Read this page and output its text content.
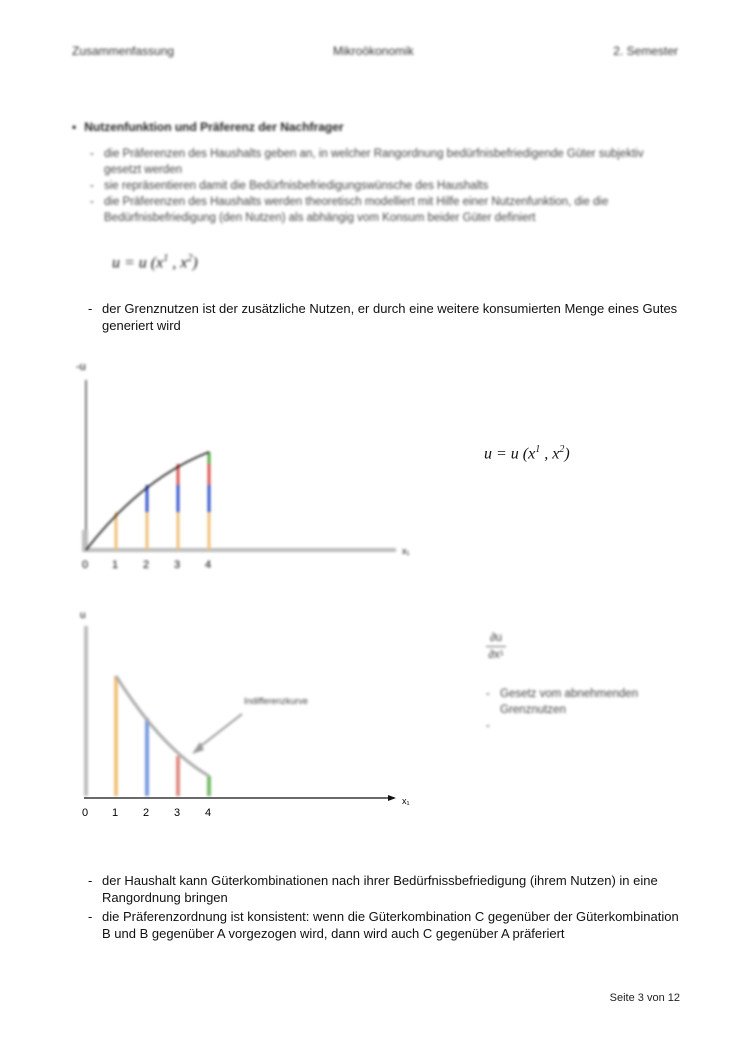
Zusammenfassung	Mikroökonomik	2. Semester
• Nutzenfunktion und Präferenz der Nachfrager
- die Präferenzen des Haushalts geben an, in welcher Rangordnung bedürfnisbefriedigende Güter subjektiv gesetzt werden
- sie repräsentieren damit die Bedürfnisbefriedigungswünsche des Haushalts
- die Präferenzen des Haushalts werden theoretisch modelliert mit Hilfe einer Nutzenfunktion, die die Bedürfnisbefriedigung (den Nutzen) als abhängig vom Konsum beider Güter definiert
u = u ($x^1$ , $x^2$)
- der Grenznutzen ist der zusätzliche Nutzen, er durch eine weitere konsumierten Menge eines Gutes generiert wird
-u
x₁
0 1 2 3 4
u = u ($x^1$ , $x^2$)
u
Indifferenzkurve
x₁
0 1 2 3 4
∂u
∂x¹
- Gesetz vom abnehmenden Grenznutzen
-
- der Haushalt kann Güterkombinationen nach ihrer Bedürfnissbefriedigung (ihrem Nutzen) in eine Rangordnung bringen
- die Präferenzordnung ist konsistent: wenn die Güterkombination C gegenüber der Güterkombination B und B gegenüber A vorgezogen wird, dann wird auch C gegenüber A präferiert
Seite 3 von 12
